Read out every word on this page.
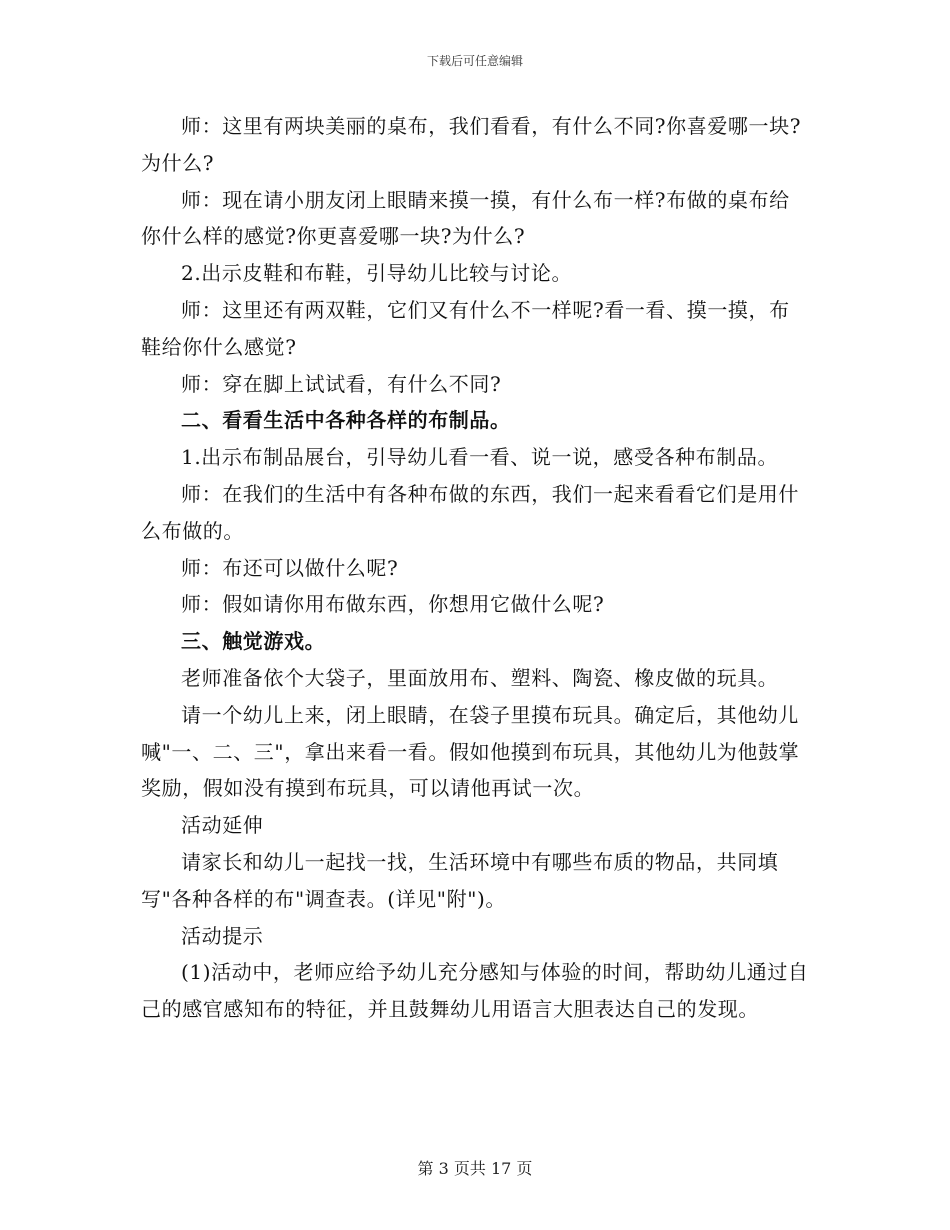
下载后可任意编辑

师：这里有两块美丽的桌布，我们看看，有什么不同?你喜爱哪一块?为什么?

师：现在请小朋友闭上眼睛来摸一摸，有什么布一样?布做的桌布给你什么样的感觉?你更喜爱哪一块?为什么?

2.出示皮鞋和布鞋，引导幼儿比较与讨论。

师：这里还有两双鞋，它们又有什么不一样呢?看一看、摸一摸，布鞋给你什么感觉?

师：穿在脚上试试看，有什么不同?

二、看看生活中各种各样的布制品。

1.出示布制品展台，引导幼儿看一看、说一说，感受各种布制品。

师：在我们的生活中有各种布做的东西，我们一起来看看它们是用什么布做的。

师：布还可以做什么呢?

师：假如请你用布做东西，你想用它做什么呢?

三、触觉游戏。

老师准备依个大袋子，里面放用布、塑料、陶瓷、橡皮做的玩具。

请一个幼儿上来，闭上眼睛，在袋子里摸布玩具。确定后，其他幼儿喊"一、二、三"，拿出来看一看。假如他摸到布玩具，其他幼儿为他鼓掌奖励，假如没有摸到布玩具，可以请他再试一次。

活动延伸

请家长和幼儿一起找一找，生活环境中有哪些布质的物品，共同填写"各种各样的布"调查表。(详见"附")。

活动提示

(1)活动中，老师应给予幼儿充分感知与体验的时间，帮助幼儿通过自己的感官感知布的特征，并且鼓舞幼儿用语言大胆表达自己的发现。

第 3 页共 17 页
